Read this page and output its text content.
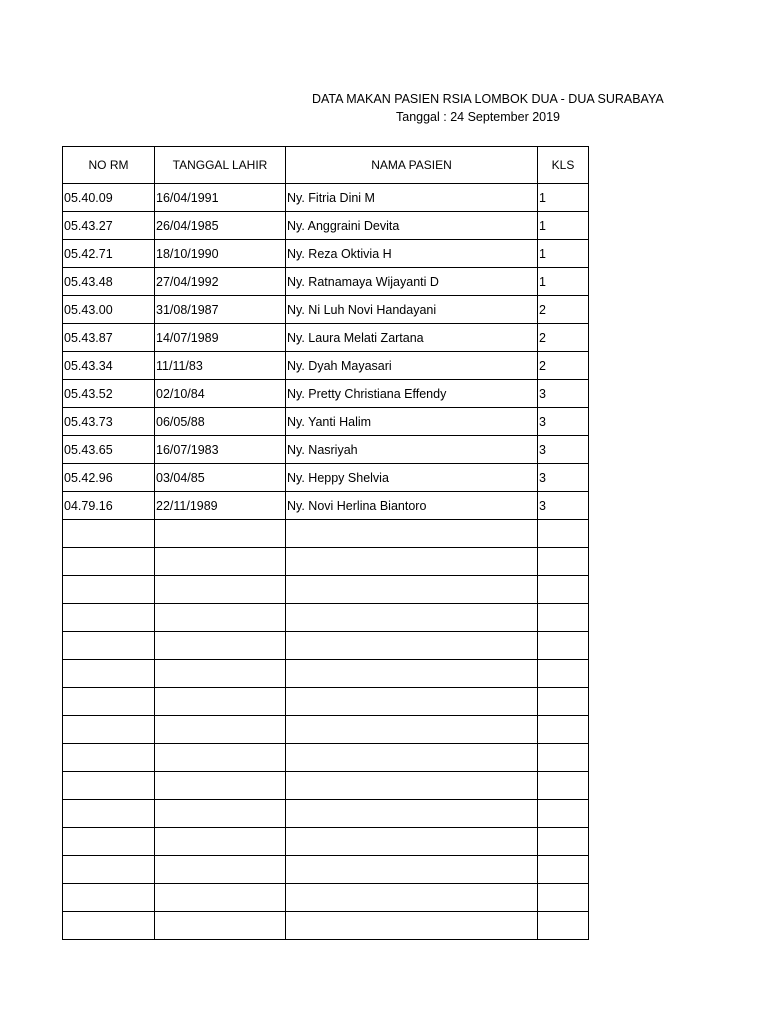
DATA MAKAN PASIEN RSIA LOMBOK DUA - DUA SURABAYA
Tanggal : 24 September 2019
NO RM	TANGGAL LAHIR	NAMA PASIEN	KLS
05.40.09	16/04/1991	Ny. Fitria Dini M	1
05.43.27	26/04/1985	Ny. Anggraini Devita	1
05.42.71	18/10/1990	Ny. Reza Oktivia H	1
05.43.48	27/04/1992	Ny. Ratnamaya Wijayanti D	1
05.43.00	31/08/1987	Ny. Ni Luh Novi Handayani	2
05.43.87	14/07/1989	Ny. Laura Melati Zartana	2
05.43.34	11/11/83	Ny. Dyah Mayasari	2
05.43.52	02/10/84	Ny. Pretty Christiana Effendy	3
05.43.73	06/05/88	Ny. Yanti Halim	3
05.43.65	16/07/1983	Ny. Nasriyah	3
05.42.96	03/04/85	Ny. Heppy Shelvia	3
04.79.16	22/11/1989	Ny. Novi Herlina Biantoro	3
